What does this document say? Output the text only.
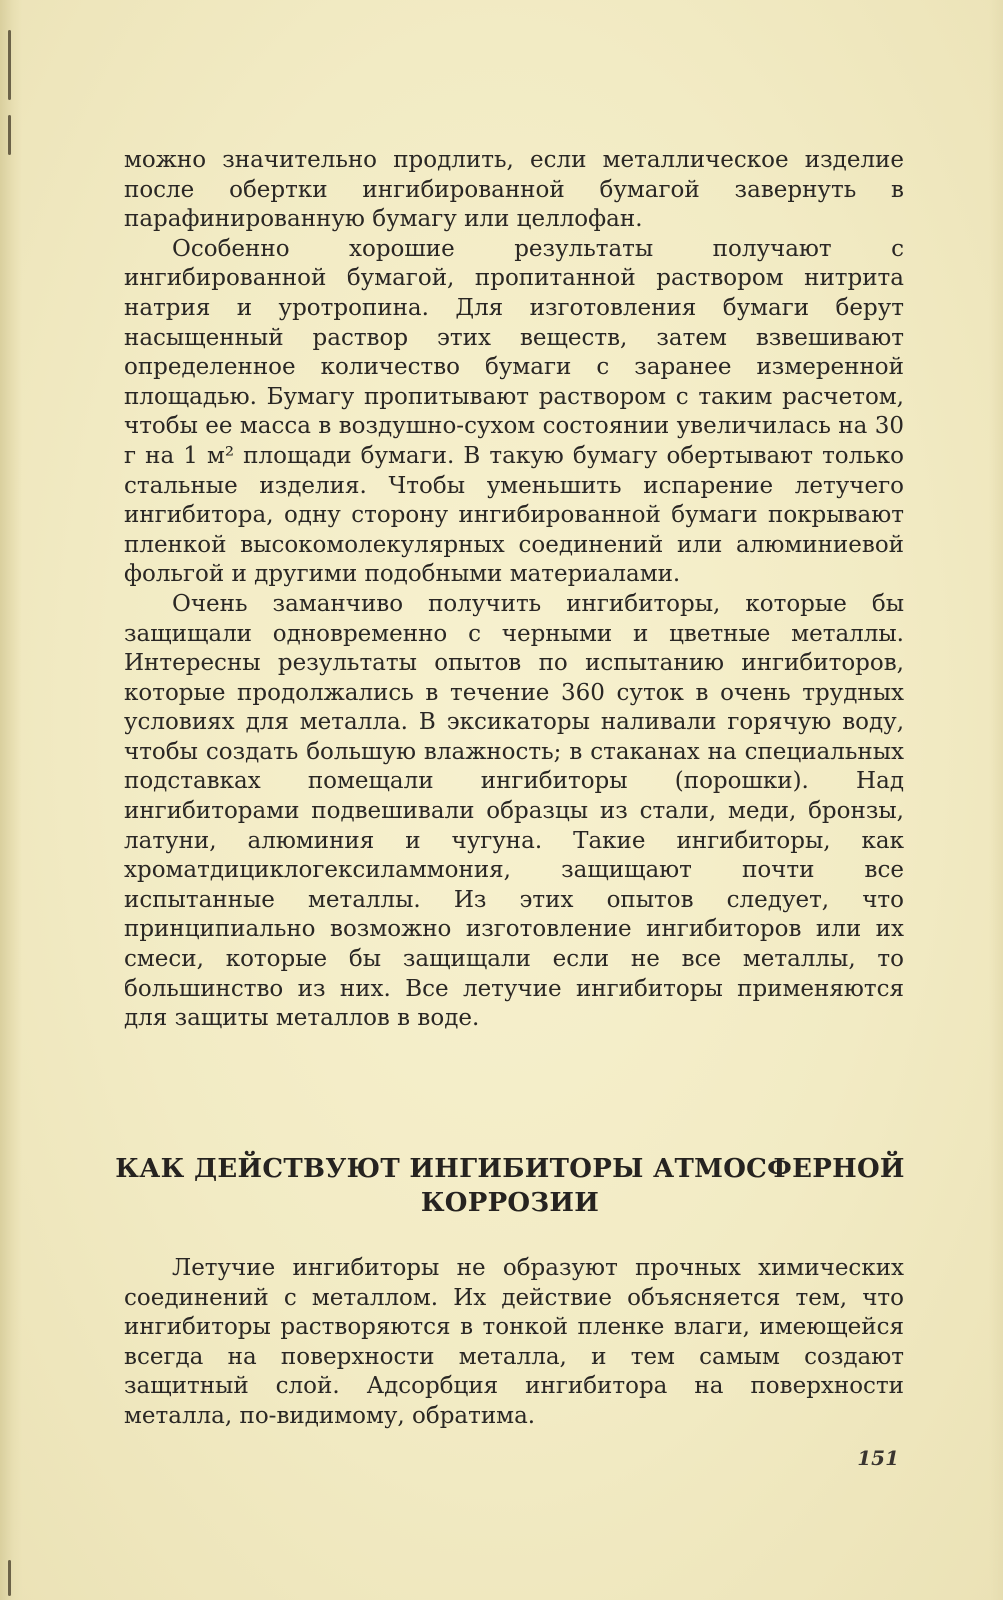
можно значительно продлить, если металлическое изделие после обертки ингибированной бумагой завернуть в парафинированную бумагу или целлофан.

Особенно хорошие результаты получают с ингибированной бумагой, пропитанной раствором нитрита натрия и уротропина. Для изготовления бумаги берут насыщенный раствор этих веществ, затем взвешивают определенное количество бумаги с заранее измеренной площадью. Бумагу пропитывают раствором с таким расчетом, чтобы ее масса в воздушно-сухом состоянии увеличилась на 30 г на 1 м² площади бумаги. В такую бумагу обертывают только стальные изделия. Чтобы уменьшить испарение летучего ингибитора, одну сторону ингибированной бумаги покрывают пленкой высокомолекулярных соединений или алюминиевой фольгой и другими подобными материалами.

Очень заманчиво получить ингибиторы, которые бы защищали одновременно с черными и цветные металлы. Интересны результаты опытов по испытанию ингибиторов, которые продолжались в течение 360 суток в очень трудных условиях для металла. В эксикаторы наливали горячую воду, чтобы создать большую влажность; в стаканах на специальных подставках помещали ингибиторы (порошки). Над ингибиторами подвешивали образцы из стали, меди, бронзы, латуни, алюминия и чугуна. Такие ингибиторы, как хроматдициклогексиламмония, защищают почти все испытанные металлы. Из этих опытов следует, что принципиально возможно изготовление ингибиторов или их смеси, которые бы защищали если не все металлы, то большинство из них. Все летучие ингибиторы применяются для защиты металлов в воде.

КАК ДЕЙСТВУЮТ ИНГИБИТОРЫ АТМОСФЕРНОЙ КОРРОЗИИ

Летучие ингибиторы не образуют прочных химических соединений с металлом. Их действие объясняется тем, что ингибиторы растворяются в тонкой пленке влаги, имеющейся всегда на поверхности металла, и тем самым создают защитный слой. Адсорбция ингибитора на поверхности металла, по-видимому, обратима.

151
